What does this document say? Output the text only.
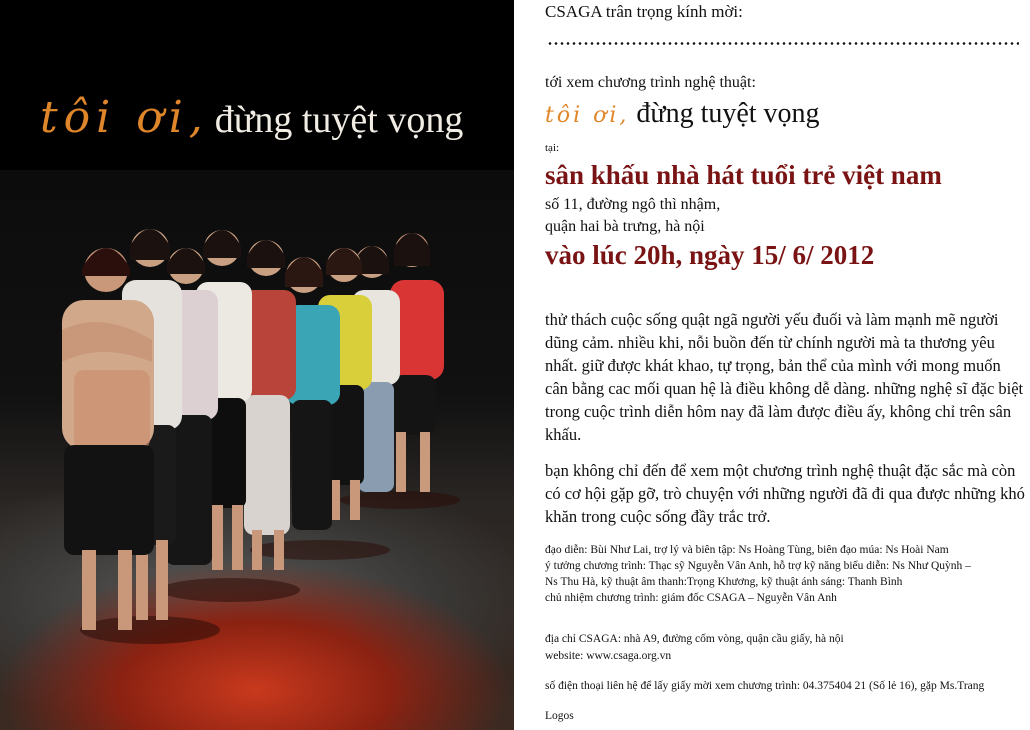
tôi ơi, đừng tuyệt vọng
CSAGA trân trọng kính mời:
tới xem chương trình nghệ thuật:
tôi ơi, đừng tuyệt vọng
tại:
sân khấu nhà hát tuổi trẻ việt nam
số 11, đường ngô thì nhậm,
quận hai bà trưng, hà nội
vào lúc 20h, ngày 15/ 6/ 2012
thử thách cuộc sống quật ngã người yếu đuối và làm mạnh mẽ người dũng cảm. nhiều khi, nỗi buồn đến từ chính người mà ta thương yêu nhất. giữ được khát khao, tự trọng, bản thể của mình với mong muốn cân bằng cac mối quan hệ là điều không dễ dàng. những nghệ sĩ đặc biệt trong cuộc trình diễn hôm nay đã làm được điều ấy, không chỉ trên sân khấu.
bạn không chỉ đến để xem một chương trình nghệ thuật đặc sắc mà còn có cơ hội gặp gỡ, trò chuyện với những người đã đi qua được những khó khăn trong cuộc sống đầy trắc trở.
đạo diễn: Bùi Như Lai, trợ lý và biên tập: Ns Hoàng Tùng, biên đạo múa: Ns Hoài Nam
ý tưởng chương trình: Thạc sỹ Nguyễn Vân Anh, hỗ trợ kỹ năng biểu diễn: Ns Như Quỳnh –
Ns Thu Hà, kỹ thuật âm thanh:Trọng Khương, kỹ thuật ánh sáng: Thanh Bình
chủ nhiệm chương trình: giám đốc CSAGA – Nguyễn Vân Anh
địa chỉ CSAGA: nhà A9, đường cốm vòng, quận cầu giấy, hà nội
website: www.csaga.org.vn
số điện thoại liên hệ để lấy giấy mời xem chương trình: 04.375404 21 (Số lẻ 16), gặp Ms.Trang
Logos
